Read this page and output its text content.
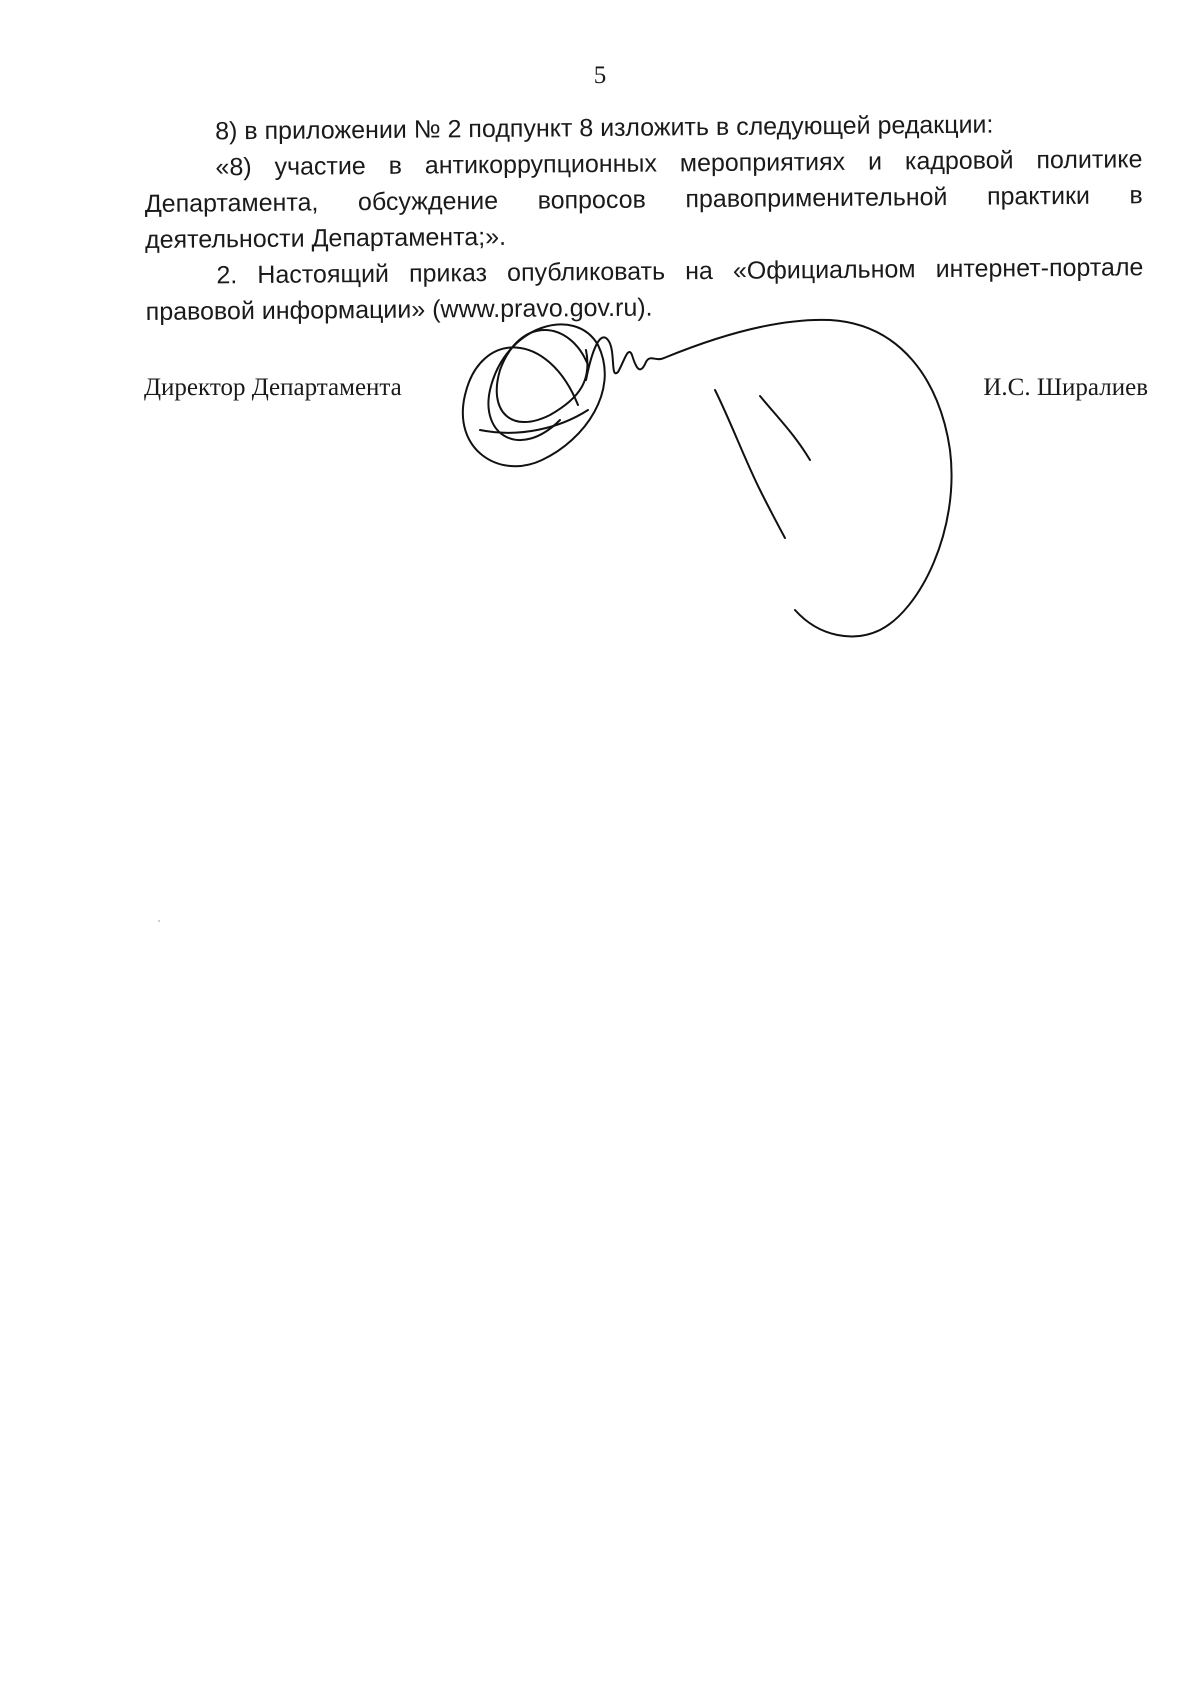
5

8) в приложении № 2 подпункт 8 изложить в следующей редакции:

«8) участие в антикоррупционных мероприятиях и кадровой политике Департамента, обсуждение вопросов правоприменительной практики в деятельности Департамента;».

2. Настоящий приказ опубликовать на «Официальном интернет-портале правовой информации» (www.pravo.gov.ru).

Директор Департамента	И.С. Ширалиев
